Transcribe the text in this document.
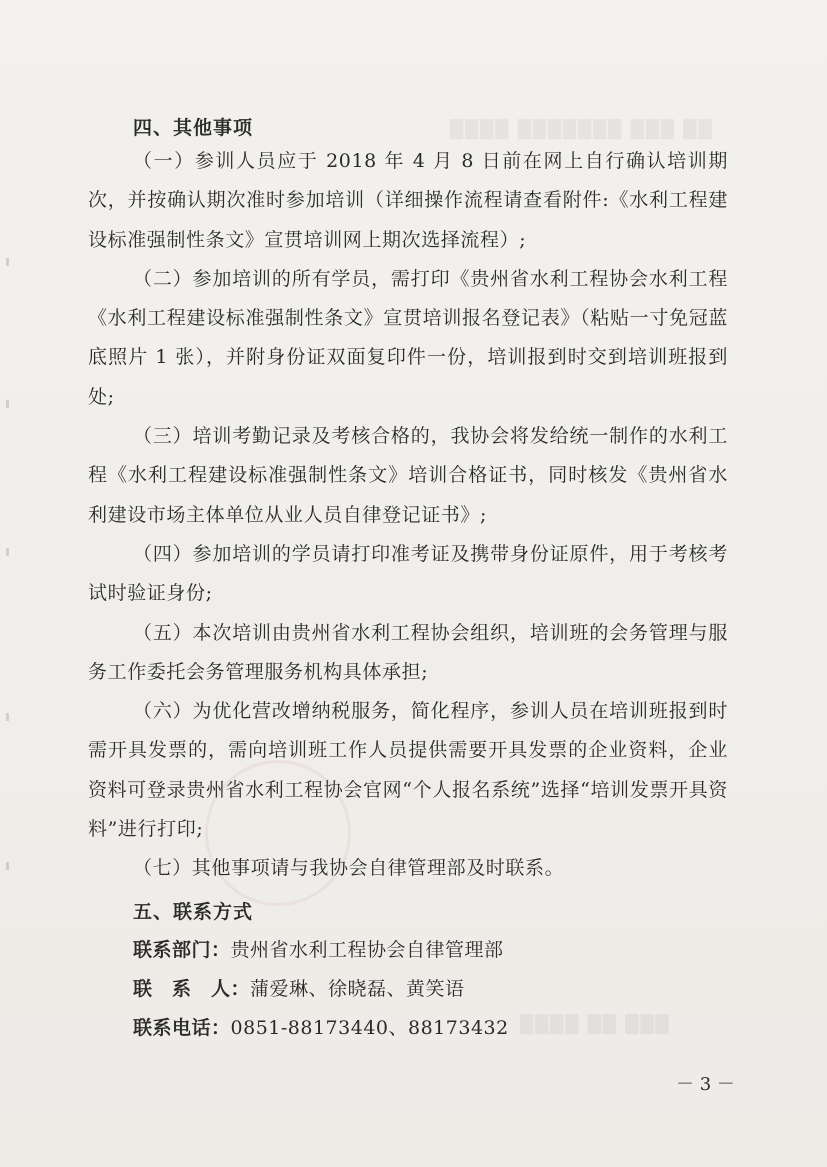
████ ███████ ███ ██
████ ██ ███
四、其他事项

（一）参训人员应于 2018 年 4 月 8 日前在网上自行确认培训期次，并按确认期次准时参加培训（详细操作流程请查看附件:《水利工程建设标准强制性条文》宣贯培训网上期次选择流程）;

（二）参加培训的所有学员，需打印《贵州省水利工程协会水利工程《水利工程建设标准强制性条文》宣贯培训报名登记表》（粘贴一寸免冠蓝底照片 1 张），并附身份证双面复印件一份，培训报到时交到培训班报到处;

（三）培训考勤记录及考核合格的，我协会将发给统一制作的水利工程《水利工程建设标准强制性条文》培训合格证书，同时核发《贵州省水利建设市场主体单位从业人员自律登记证书》;

（四）参加培训的学员请打印准考证及携带身份证原件，用于考核考试时验证身份;

（五）本次培训由贵州省水利工程协会组织，培训班的会务管理与服务工作委托会务管理服务机构具体承担;

（六）为优化营改增纳税服务，简化程序，参训人员在培训班报到时需开具发票的，需向培训班工作人员提供需要开具发票的企业资料，企业资料可登录贵州省水利工程协会官网“个人报名系统”选择“培训发票开具资料”进行打印;

（七）其他事项请与我协会自律管理部及时联系。

五、联系方式
联系部门：贵州省水利工程协会自律管理部
联　系　人：蒲爱琳、徐晓磊、黄笑语
联系电话：0851-88173440、88173432
－ 3 －
